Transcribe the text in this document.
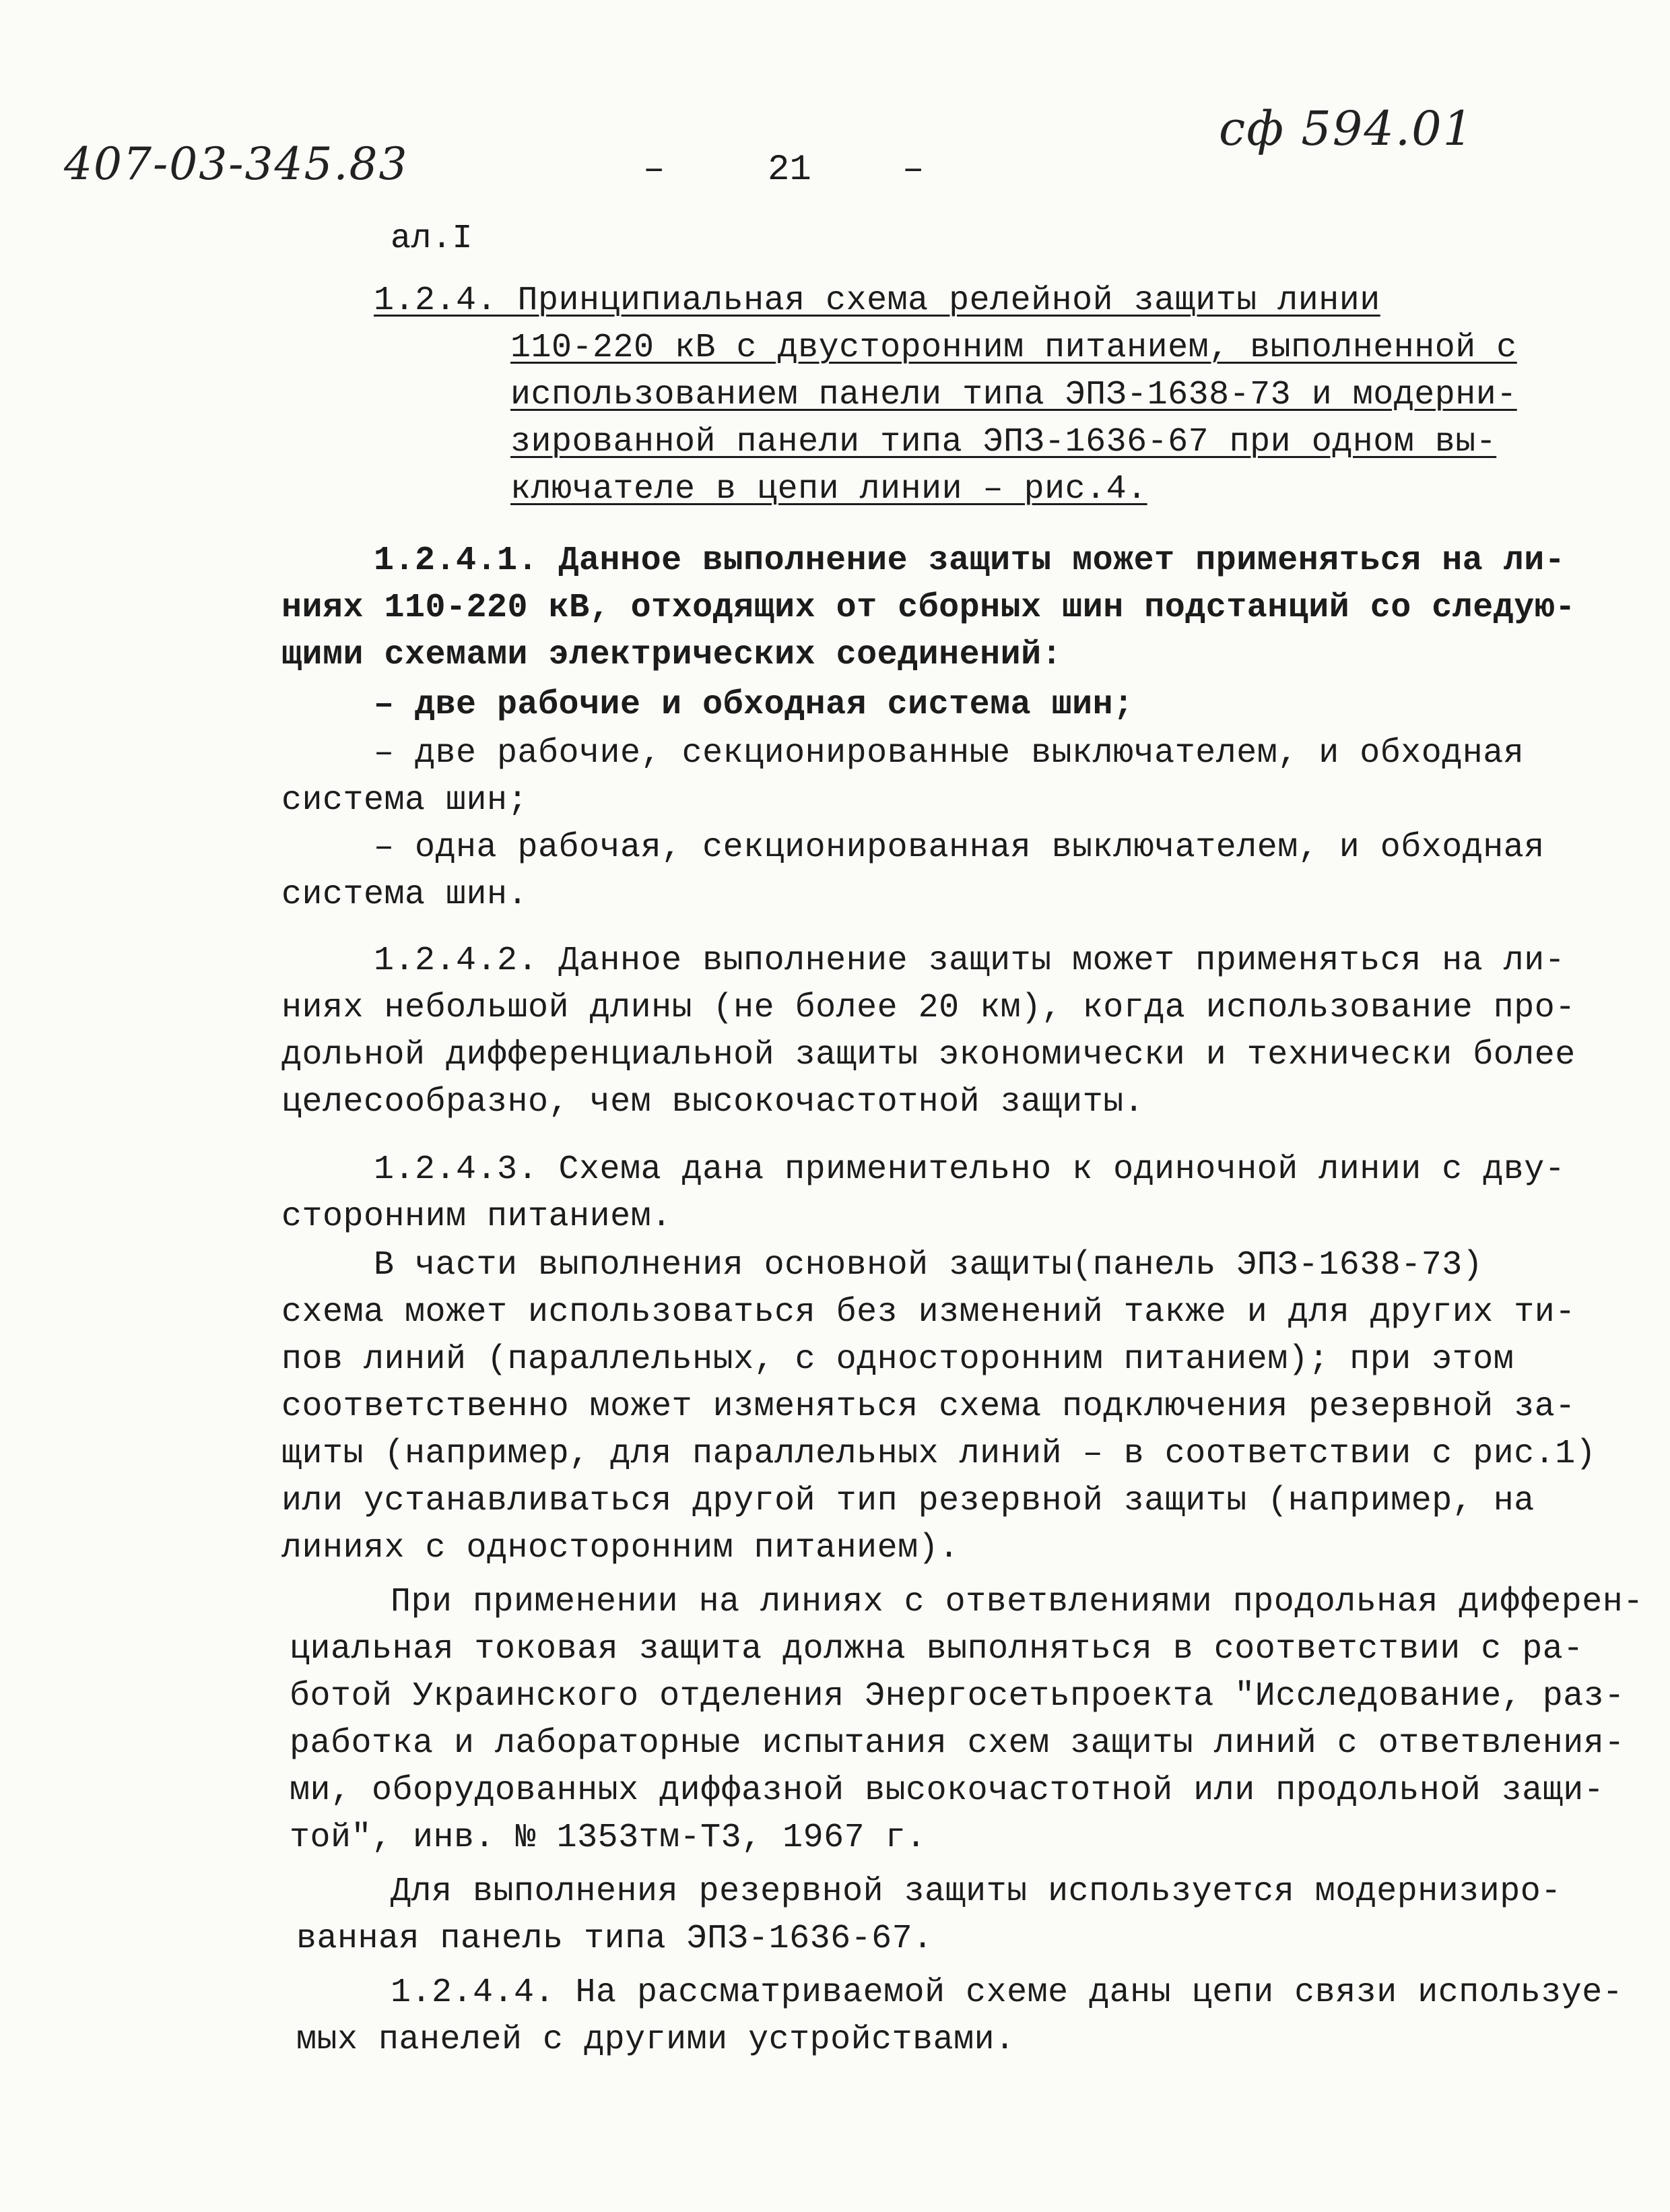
407-03-345.83
сф 594.01
–	21	–
ал.I
1.2.4. Принципиальная схема релейной защиты линии
110-220 кВ с двусторонним питанием, выполненной с
использованием панели типа ЭПЗ-1638-73 и модерни-
зированной панели типа ЭПЗ-1636-67 при одном вы-
ключателе в цепи линии – рис.4.
1.2.4.1. Данное выполнение защиты может применяться на ли-
ниях 110-220 кВ, отходящих от сборных шин подстанций со следую-
щими схемами электрических соединений:
– две рабочие и обходная система шин;
– две рабочие, секционированные выключателем, и обходная
система шин;
– одна рабочая, секционированная выключателем, и обходная
система шин.
1.2.4.2. Данное выполнение защиты может применяться на ли-
ниях небольшой длины (не более 20 км), когда использование про-
дольной дифференциальной защиты экономически и технически более
целесообразно, чем высокочастотной защиты.
1.2.4.3. Схема дана применительно к одиночной линии с дву-
сторонним питанием.
В части выполнения основной защиты(панель ЭПЗ-1638-73)
схема может использоваться без изменений также и для других ти-
пов линий (параллельных, с односторонним питанием); при этом
соответственно может изменяться схема подключения резервной за-
щиты (например, для параллельных линий – в соответствии с рис.1)
или устанавливаться другой тип резервной защиты (например, на
линиях с односторонним питанием).
При применении на линиях с ответвлениями продольная дифферен-
циальная токовая защита должна выполняться в соответствии с ра-
ботой Украинского отделения Энергосетьпроекта "Исследование, раз-
работка и лабораторные испытания схем защиты линий с ответвления-
ми, оборудованных диффазной высокочастотной или продольной защи-
той", инв. № 1353тм-Т3, 1967 г.
Для выполнения резервной защиты используется модернизиро-
ванная панель типа ЭПЗ-1636-67.
1.2.4.4. На рассматриваемой схеме даны цепи связи используе-
мых панелей с другими устройствами.
